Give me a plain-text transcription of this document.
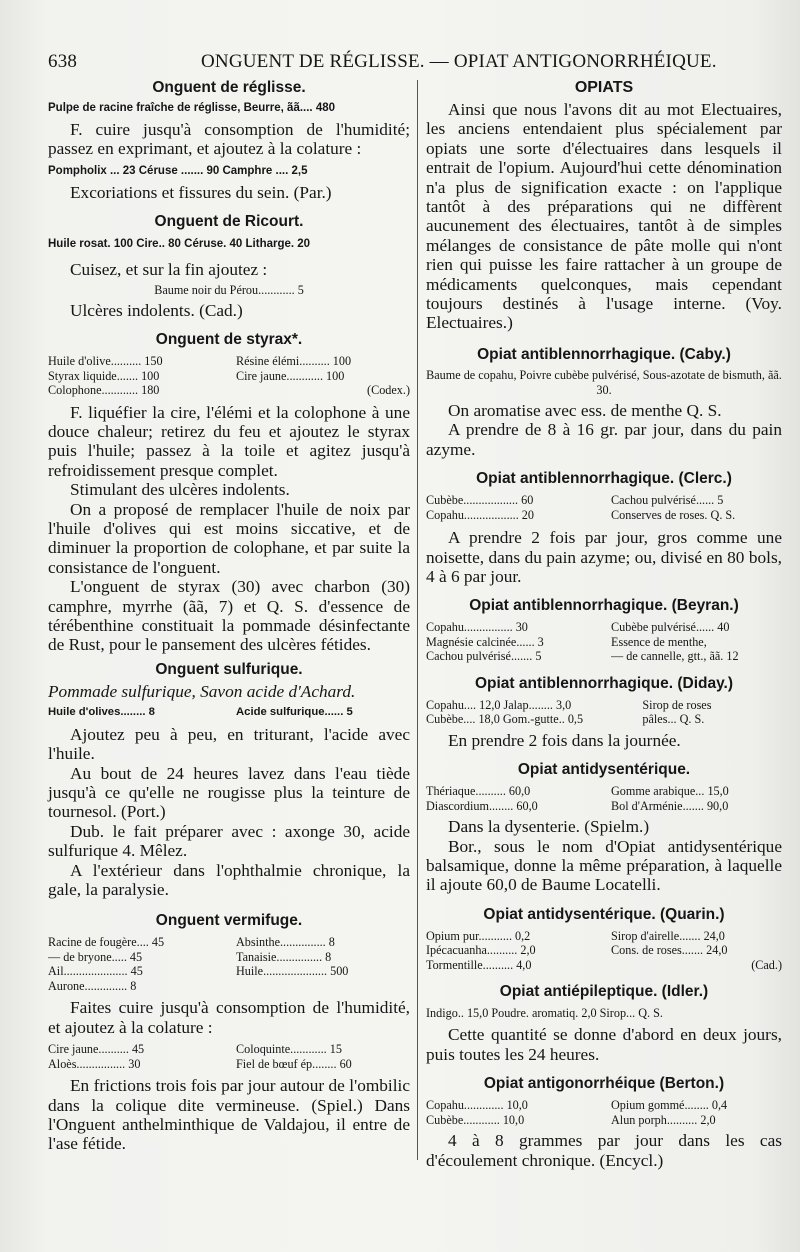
638	ONGUENT DE RÉGLISSE. — OPIAT ANTIGONORRHÉIQUE.

Onguent de réglisse.

Pulpe de racine fraîche de réglisse, Beurre, ãã.... 480

F. cuire jusqu'à consomption de l'humidité; passez en exprimant, et ajoutez à la colature :

Pompholix ... 23 Céruse ....... 90 Camphre .... 2,5

Excoriations et fissures du sein. (Par.)

Onguent de Ricourt.

Huile rosat. 100 Cire.. 80 Céruse. 40 Litharge. 20

Cuisez, et sur la fin ajoutez :

Baume noir du Pérou............ 5

Ulcères indolents. (Cad.)

Onguent de styrax*.

Huile d'olive.......... 150	Résine élémi.......... 100
Styrax liquide....... 100	Cire jaune............ 100
Colophone............ 180	(Codex.)

F. liquéfier la cire, l'élémi et la colophone à une douce chaleur; retirez du feu et ajoutez le styrax puis l'huile; passez à la toile et agitez jusqu'à refroidissement presque complet.

Stimulant des ulcères indolents.

On a proposé de remplacer l'huile de noix par l'huile d'olives qui est moins siccative, et de diminuer la proportion de colophane, et par suite la consistance de l'onguent.

L'onguent de styrax (30) avec charbon (30) camphre, myrrhe (ãã, 7) et Q. S. d'essence de térébenthine constituait la pommade désinfectante de Rust, pour le pansement des ulcères fétides.

Onguent sulfurique.

Pommade sulfurique, Savon acide d'Achard.

Huile d'olives........ 8	Acide sulfurique...... 5

Ajoutez peu à peu, en triturant, l'acide avec l'huile.

Au bout de 24 heures lavez dans l'eau tiède jusqu'à ce qu'elle ne rougisse plus la teinture de tournesol. (Port.)

Dub. le fait préparer avec : axonge 30, acide sulfurique 4. Mêlez.

A l'extérieur dans l'ophthalmie chronique, la gale, la paralysie.

Onguent vermifuge.

Racine de fougère.... 45	Absinthe............... 8
— de bryone..... 45	Tanaisie............... 8
Ail..................... 45	Huile..................... 500
Aurone.............. 8

Faites cuire jusqu'à consomption de l'humidité, et ajoutez à la colature :

Cire jaune.......... 45	Coloquinte............ 15
Aloès................ 30	Fiel de bœuf ép........ 60

En frictions trois fois par jour autour de l'ombilic dans la colique dite vermineuse. (Spiel.) Dans l'Onguent anthelminthique de Valdajou, il entre de l'ase fétide.

OPIATS

Ainsi que nous l'avons dit au mot Electuaires, les anciens entendaient plus spécialement par opiats une sorte d'électuaires dans lesquels il entrait de l'opium. Aujourd'hui cette dénomination n'a plus de signification exacte : on l'applique tantôt à des préparations qui ne diffèrent aucunement des électuaires, tantôt à de simples mélanges de consistance de pâte molle qui n'ont rien qui puisse les faire rattacher à un groupe de médicaments quelconques, mais cependant toujours destinés à l'usage interne. (Voy. Electuaires.)

Opiat antiblennorrhagique. (Caby.)

Baume de copahu, Poivre cubèbe pulvérisé, Sous-azotate de bismuth, ãã. 30.

On aromatise avec ess. de menthe Q. S.

A prendre de 8 à 16 gr. par jour, dans du pain azyme.

Opiat antiblennorrhagique. (Clerc.)

Cubèbe.................. 60	Cachou pulvérisé...... 5
Copahu.................. 20	Conserves de roses. Q. S.

A prendre 2 fois par jour, gros comme une noisette, dans du pain azyme; ou, divisé en 80 bols, 4 à 6 par jour.

Opiat antiblennorrhagique. (Beyran.)

Copahu................ 30	Cubèbe pulvérisé...... 40
Magnésie calcinée...... 3	Essence de menthe,
Cachou pulvérisé....... 5	— de cannelle, gtt., ãã. 12

Opiat antiblennorrhagique. (Diday.)

Copahu.... 12,0 Jalap........ 3,0	Sirop de roses
Cubèbe.... 18,0 Gom.-gutte.. 0,5	pâles... Q. S.

En prendre 2 fois dans la journée.

Opiat antidysentérique.

Thériaque.......... 60,0	Gomme arabique... 15,0
Diascordium........ 60,0	Bol d'Arménie....... 90,0

Dans la dysenterie. (Spielm.)

Bor., sous le nom d'Opiat antidysentérique balsamique, donne la même préparation, à laquelle il ajoute 60,0 de Baume Locatelli.

Opiat antidysentérique. (Quarin.)

Opium pur........... 0,2	Sirop d'airelle....... 24,0
Ipécacuanha.......... 2,0	Cons. de roses....... 24,0
Tormentille.......... 4,0	(Cad.)

Opiat antiépileptique. (Idler.)

Indigo.. 15,0 Poudre. aromatiq. 2,0 Sirop... Q. S.

Cette quantité se donne d'abord en deux jours, puis toutes les 24 heures.

Opiat antigonorrhéique (Berton.)

Copahu............. 10,0	Opium gommé........ 0,4
Cubèbe............ 10,0	Alun porph.......... 2,0

4 à 8 grammes par jour dans les cas d'écoulement chronique. (Encycl.)
